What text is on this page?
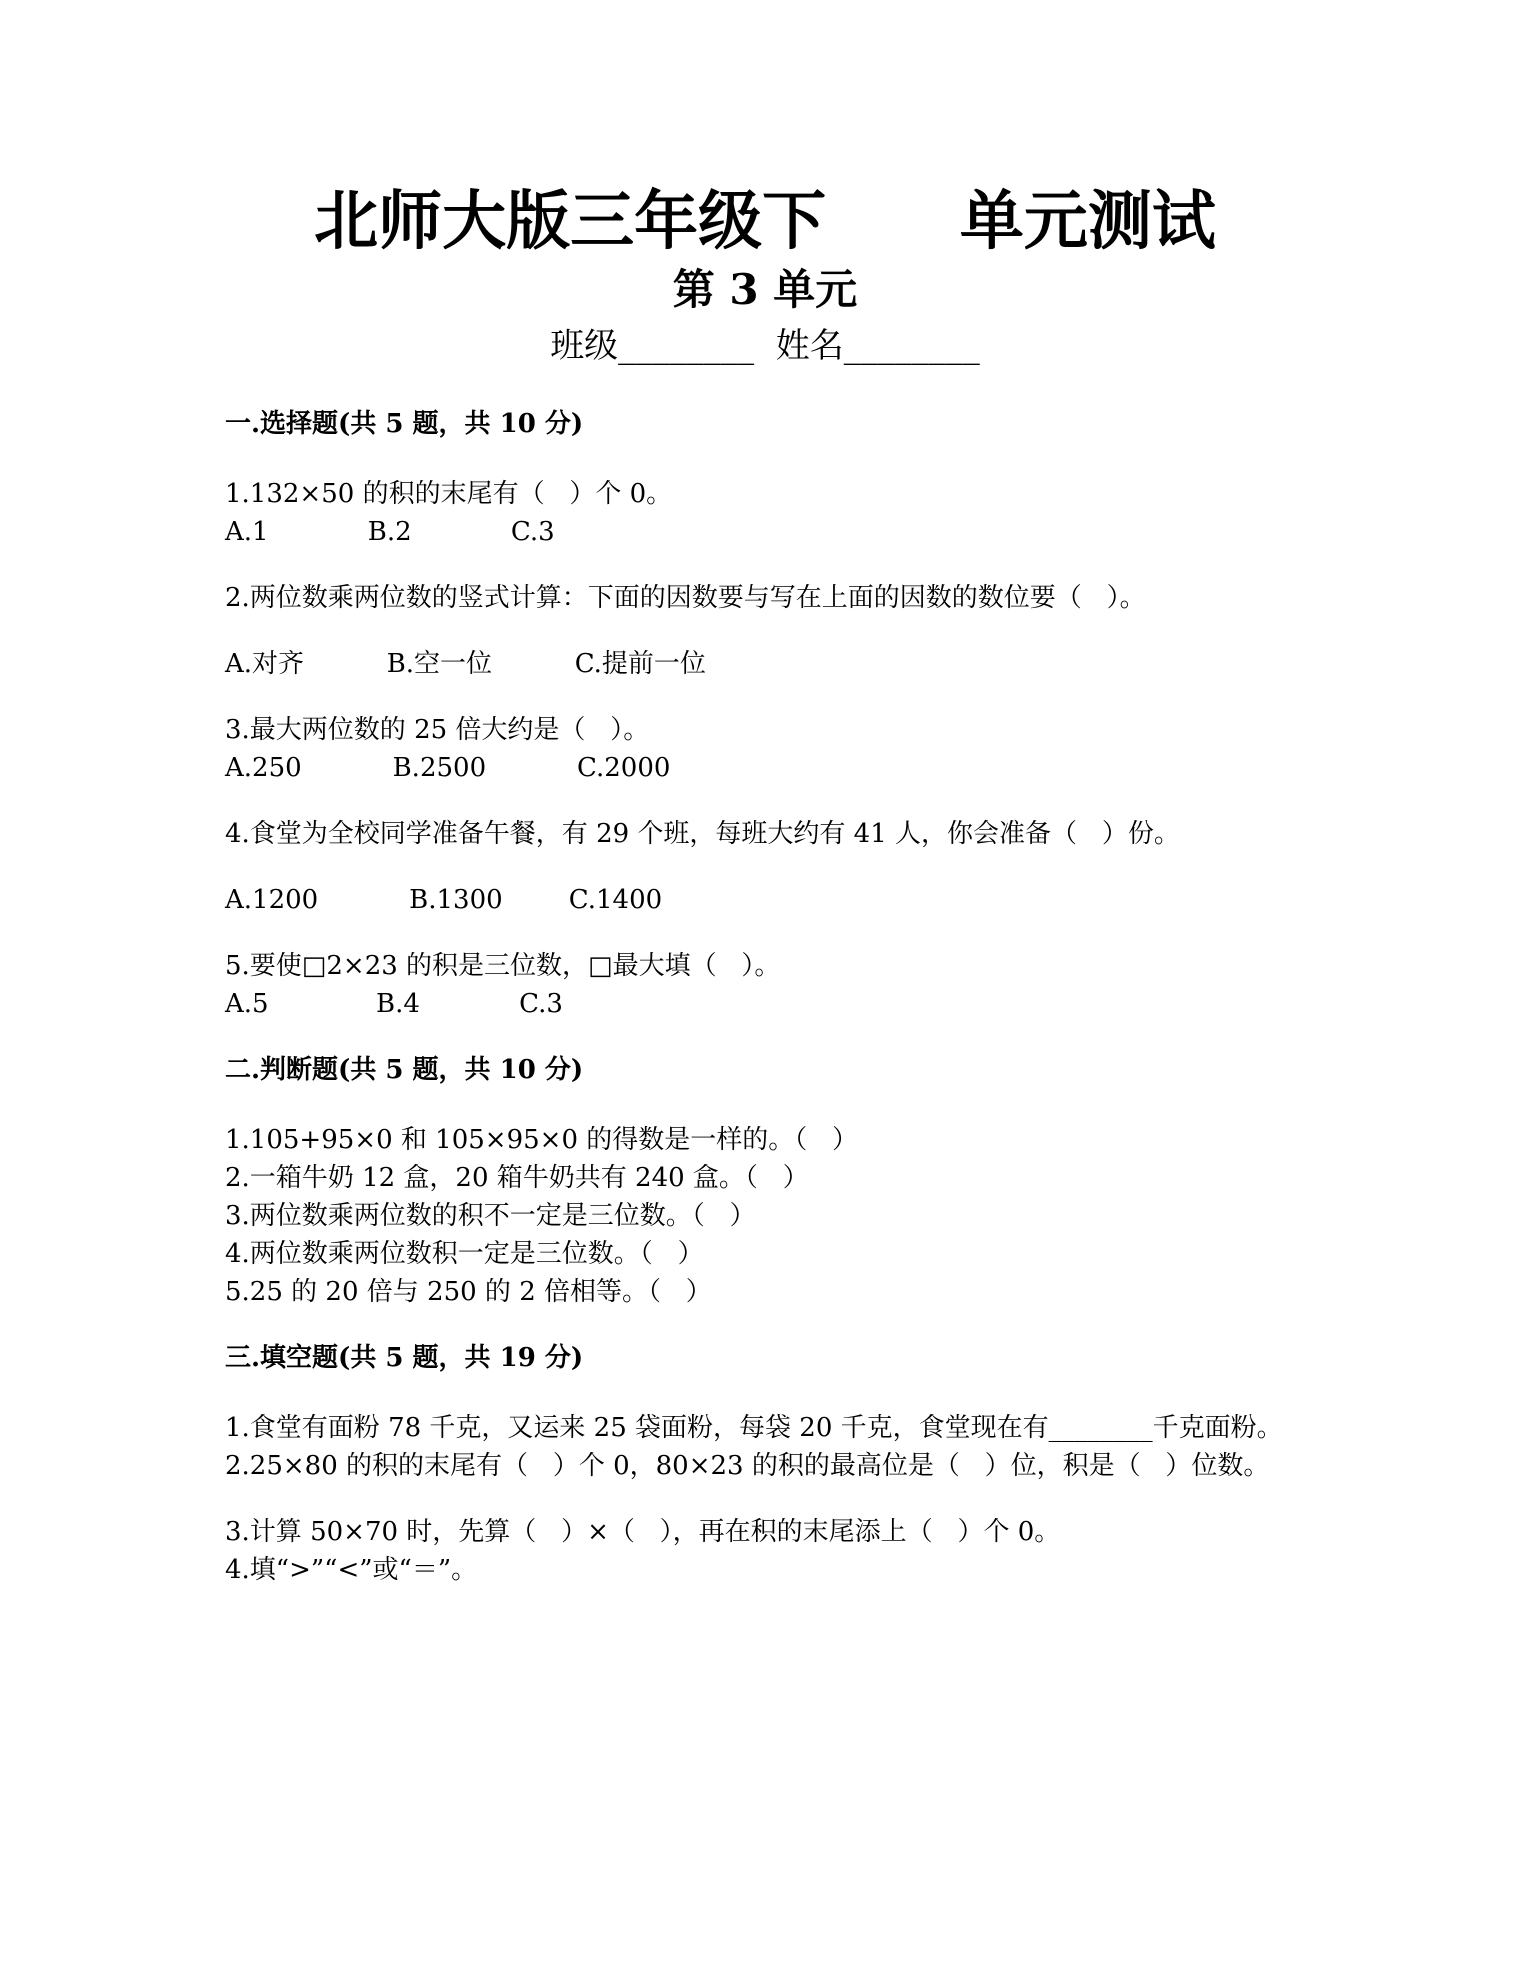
北师大版三年级下      单元测试
第 3 单元
班级________  姓名________
一.选择题(共 5 题，共 10 分)
1.132×50 的积的末尾有（   ）个 0。
A.1            B.2            C.3
2.两位数乘两位数的竖式计算：下面的因数要与写在上面的因数的数位要（   ）。
A.对齐          B.空一位          C.提前一位
3.最大两位数的 25 倍大约是（   ）。
A.250           B.2500           C.2000
4.食堂为全校同学准备午餐，有 29 个班，每班大约有 41 人，你会准备（   ）份。
A.1200           B.1300        C.1400
5.要使□2×23 的积是三位数，□最大填（   ）。
A.5             B.4            C.3
二.判断题(共 5 题，共 10 分)
1.105+95×0 和 105×95×0 的得数是一样的。（   ）
2.一箱牛奶 12 盒，20 箱牛奶共有 240 盒。（   ）
3.两位数乘两位数的积不一定是三位数。（   ）
4.两位数乘两位数积一定是三位数。（   ）
5.25 的 20 倍与 250 的 2 倍相等。（   ）
三.填空题(共 5 题，共 19 分)
1.食堂有面粉 78 千克，又运来 25 袋面粉，每袋 20 千克，食堂现在有________千克面粉。
2.25×80 的积的末尾有（   ）个 0，80×23 的积的最高位是（   ）位，积是（   ）位数。
3.计算 50×70 时，先算（   ）×（   ），再在积的末尾添上（   ）个 0。
4.填“>”“<”或“＝”。
